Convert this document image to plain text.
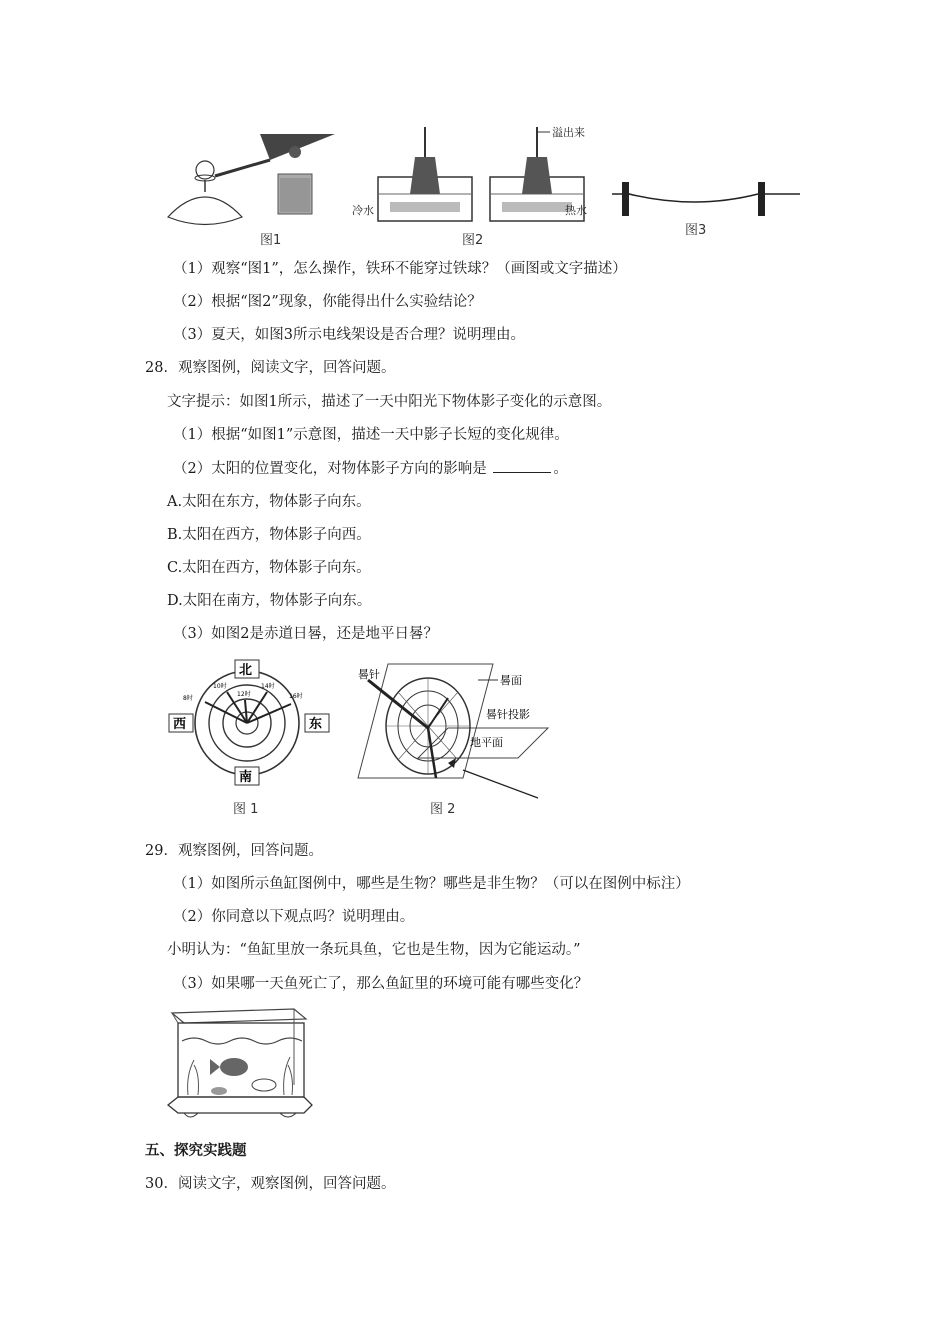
溢出来
冷水	热水
图1	图2
图3
（1）观察“图1”，怎么操作，铁环不能穿过铁球？（画图或文字描述）
（2）根据“图2”现象，你能得出什么实验结论？
（3）夏天，如图3所示电线架设是否合理？说明理由。
28．观察图例，阅读文字，回答问题。
文字提示：如图1所示，描述了一天中阳光下物体影子变化的示意图。
（1）根据“如图1”示意图，描述一天中影子长短的变化规律。
（2）太阳的位置变化，对物体影子方向的影响是	。
A.太阳在东方，物体影子向东。
B.太阳在西方，物体影子向西。
C.太阳在西方，物体影子向东。
D.太阳在南方，物体影子向东。
（3）如图2是赤道日晷，还是地平日晷？
北
南
西	东
8时
10时
12时
14时
16时
图 1
晷针	晷面
晷针投影
地平面
图 2
29．观察图例，回答问题。
（1）如图所示鱼缸图例中，哪些是生物？哪些是非生物？（可以在图例中标注）
（2）你同意以下观点吗？说明理由。
小明认为：“鱼缸里放一条玩具鱼，它也是生物，因为它能运动。”
（3）如果哪一天鱼死亡了，那么鱼缸里的环境可能有哪些变化？
五、探究实践题
30．阅读文字，观察图例，回答问题。
